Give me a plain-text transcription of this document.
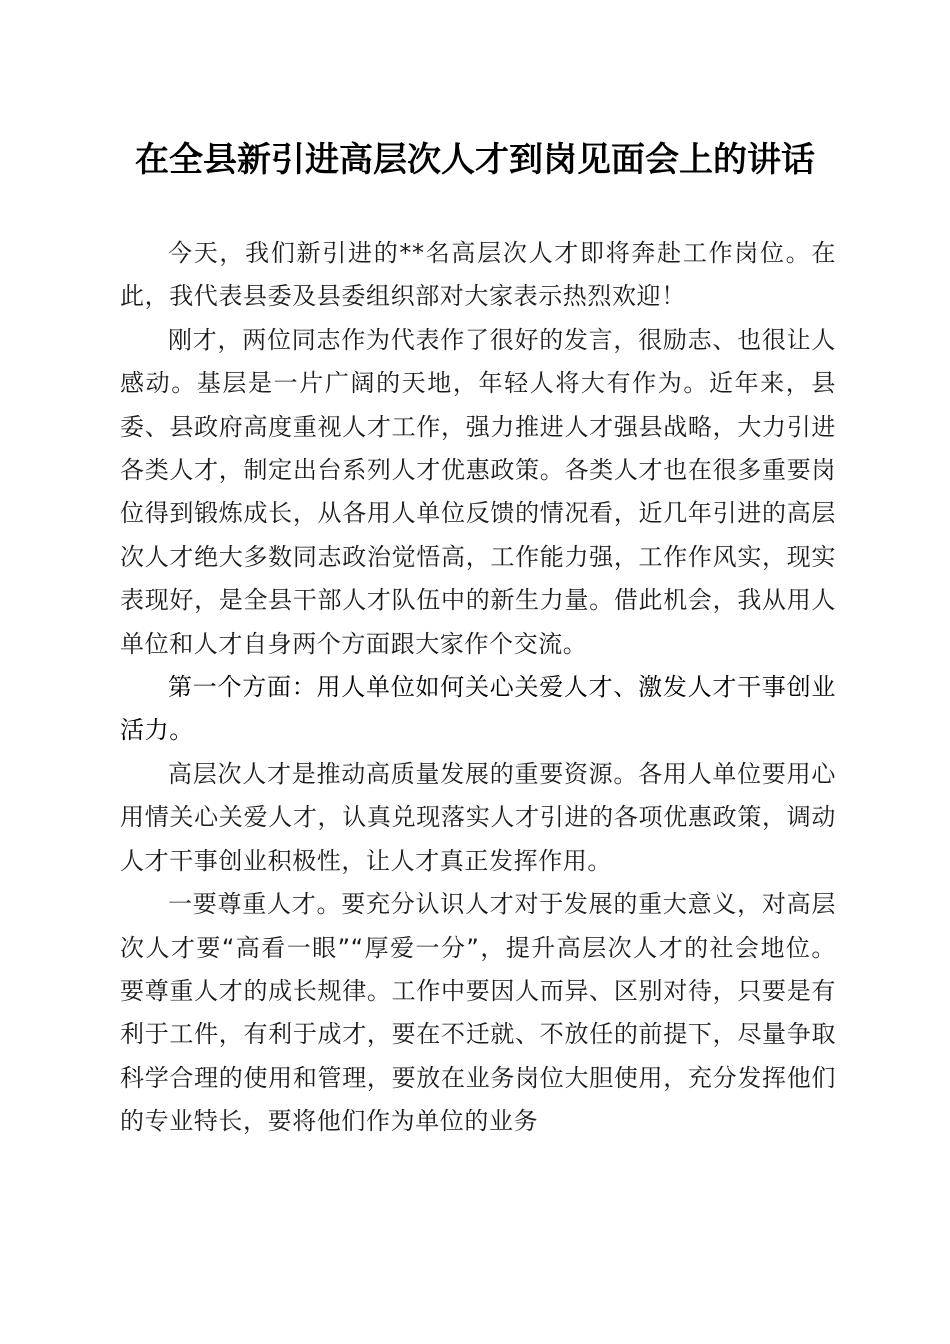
在全县新引进高层次人才到岗见面会上的讲话

今天，我们新引进的**名高层次人才即将奔赴工作岗位。在此，我代表县委及县委组织部对大家表示热烈欢迎！

刚才，两位同志作为代表作了很好的发言，很励志、也很让人感动。基层是一片广阔的天地，年轻人将大有作为。近年来，县委、县政府高度重视人才工作，强力推进人才强县战略，大力引进各类人才，制定出台系列人才优惠政策。各类人才也在很多重要岗位得到锻炼成长，从各用人单位反馈的情况看，近几年引进的高层次人才绝大多数同志政治觉悟高，工作能力强，工作作风实，现实表现好，是全县干部人才队伍中的新生力量。借此机会，我从用人单位和人才自身两个方面跟大家作个交流。

第一个方面：用人单位如何关心关爱人才、激发人才干事创业活力。

高层次人才是推动高质量发展的重要资源。各用人单位要用心用情关心关爱人才，认真兑现落实人才引进的各项优惠政策，调动人才干事创业积极性，让人才真正发挥作用。

一要尊重人才。要充分认识人才对于发展的重大意义，对高层次人才要“高看一眼”“厚爱一分”，提升高层次人才的社会地位。要尊重人才的成长规律。工作中要因人而异、区别对待，只要是有利于工件，有利于成才，要在不迁就、不放任的前提下，尽量争取科学合理的使用和管理，要放在业务岗位大胆使用，充分发挥他们的专业特长，要将他们作为单位的业务
